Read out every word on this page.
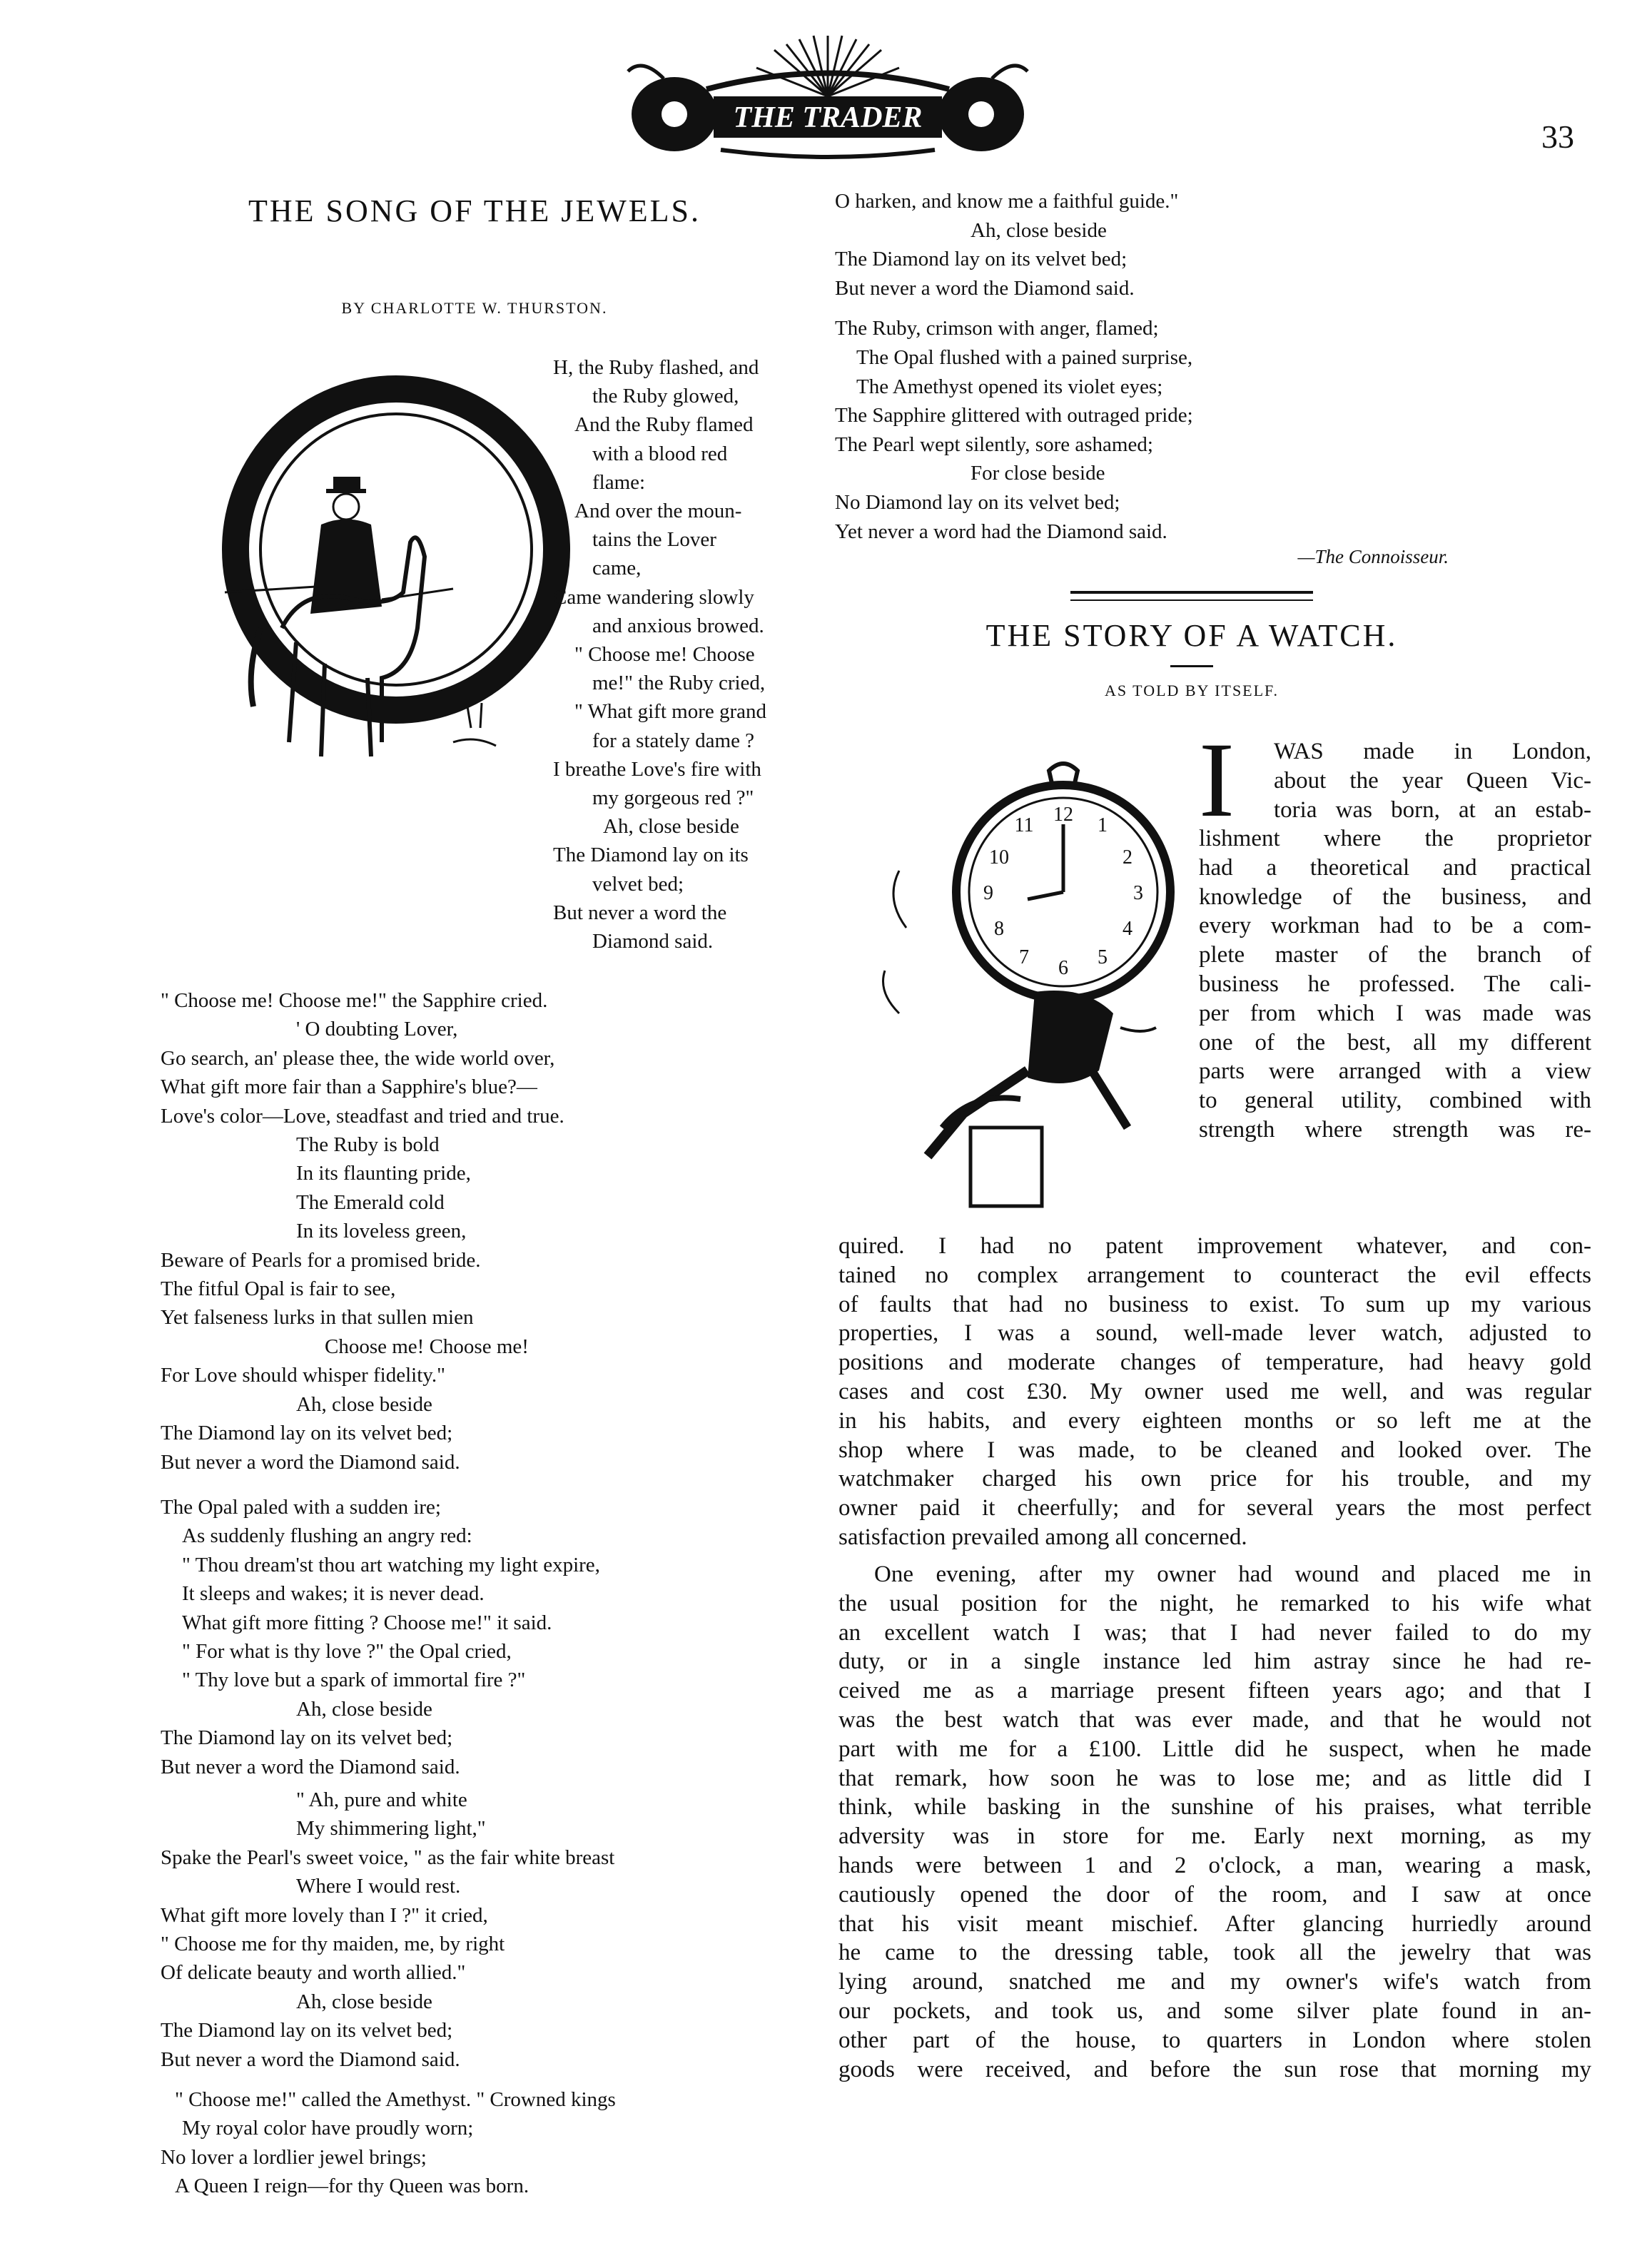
THE TRADER
33
THE SONG OF THE JEWELS.
BY CHARLOTTE W. THURSTON.
H, the Ruby flashed, and
the Ruby glowed,
And the Ruby flamed
with a blood red
flame:
And over the moun-
tains the Lover
came,
Came wandering slowly
and anxious browed.
" Choose me! Choose
me!" the Ruby cried,
" What gift more grand
for a stately dame ?
I breathe Love's fire with
my gorgeous red ?"
Ah, close beside
The Diamond lay on its
velvet bed;
But never a word the
Diamond said.
" Choose me! Choose me!" the Sapphire cried.
' O doubting Lover,
Go search, an' please thee, the wide world over,
What gift more fair than a Sapphire's blue?—
Love's color—Love, steadfast and tried and true.
The Ruby is bold
In its flaunting pride,
The Emerald cold
In its loveless green,
Beware of Pearls for a promised bride.
The fitful Opal is fair to see,
Yet falseness lurks in that sullen mien
Choose me! Choose me!
For Love should whisper fidelity."
Ah, close beside
The Diamond lay on its velvet bed;
But never a word the Diamond said.
The Opal paled with a sudden ire;
As suddenly flushing an angry red:
" Thou dream'st thou art watching my light expire,
It sleeps and wakes; it is never dead.
What gift more fitting ? Choose me!" it said.
" For what is thy love ?" the Opal cried,
" Thy love but a spark of immortal fire ?"
Ah, close beside
The Diamond lay on its velvet bed;
But never a word the Diamond said.
" Ah, pure and white
My shimmering light,"
Spake the Pearl's sweet voice, " as the fair white breast
Where I would rest.
What gift more lovely than I ?" it cried,
" Choose me for thy maiden, me, by right
Of delicate beauty and worth allied."
Ah, close beside
The Diamond lay on its velvet bed;
But never a word the Diamond said.
" Choose me!" called the Amethyst. " Crowned kings
My royal color have proudly worn;
No lover a lordlier jewel brings;
A Queen I reign—for thy Queen was born.
O harken, and know me a faithful guide."
Ah, close beside
The Diamond lay on its velvet bed;
But never a word the Diamond said.
The Ruby, crimson with anger, flamed;
The Opal flushed with a pained surprise,
The Amethyst opened its violet eyes;
The Sapphire glittered with outraged pride;
The Pearl wept silently, sore ashamed;
For close beside
No Diamond lay on its velvet bed;
Yet never a word had the Diamond said.
—The Connoisseur.
THE STORY OF A WATCH.
AS TOLD BY ITSELF.
12 1
2
3
4
5
6
7
8
9
10
11 I WAS made in London,
about the year Queen Vic-
toria was born, at an estab-
lishment where the proprietor
had a theoretical and practical
knowledge of the business, and
every workman had to be a com-
plete master of the branch of
business he professed. The cali-
per from which I was made was
one of the best, all my different
parts were arranged with a view
to general utility, combined with
strength where strength was re-
quired. I had no patent improvement whatever, and con-
tained no complex arrangement to counteract the evil effects
of faults that had no business to exist. To sum up my various
properties, I was a sound, well-made lever watch, adjusted to
positions and moderate changes of temperature, had heavy gold
cases and cost £30. My owner used me well, and was regular
in his habits, and every eighteen months or so left me at the
shop where I was made, to be cleaned and looked over. The
watchmaker charged his own price for his trouble, and my
owner paid it cheerfully; and for several years the most perfect
satisfaction prevailed among all concerned.
One evening, after my owner had wound and placed me in
the usual position for the night, he remarked to his wife what
an excellent watch I was; that I had never failed to do my
duty, or in a single instance led him astray since he had re-
ceived me as a marriage present fifteen years ago; and that I
was the best watch that was ever made, and that he would not
part with me for a £100. Little did he suspect, when he made
that remark, how soon he was to lose me; and as little did I
think, while basking in the sunshine of his praises, what terrible
adversity was in store for me. Early next morning, as my
hands were between 1 and 2 o'clock, a man, wearing a mask,
cautiously opened the door of the room, and I saw at once
that his visit meant mischief. After glancing hurriedly around
he came to the dressing table, took all the jewelry that was
lying around, snatched me and my owner's wife's watch from
our pockets, and took us, and some silver plate found in an-
other part of the house, to quarters in London where stolen
goods were received, and before the sun rose that morning my
